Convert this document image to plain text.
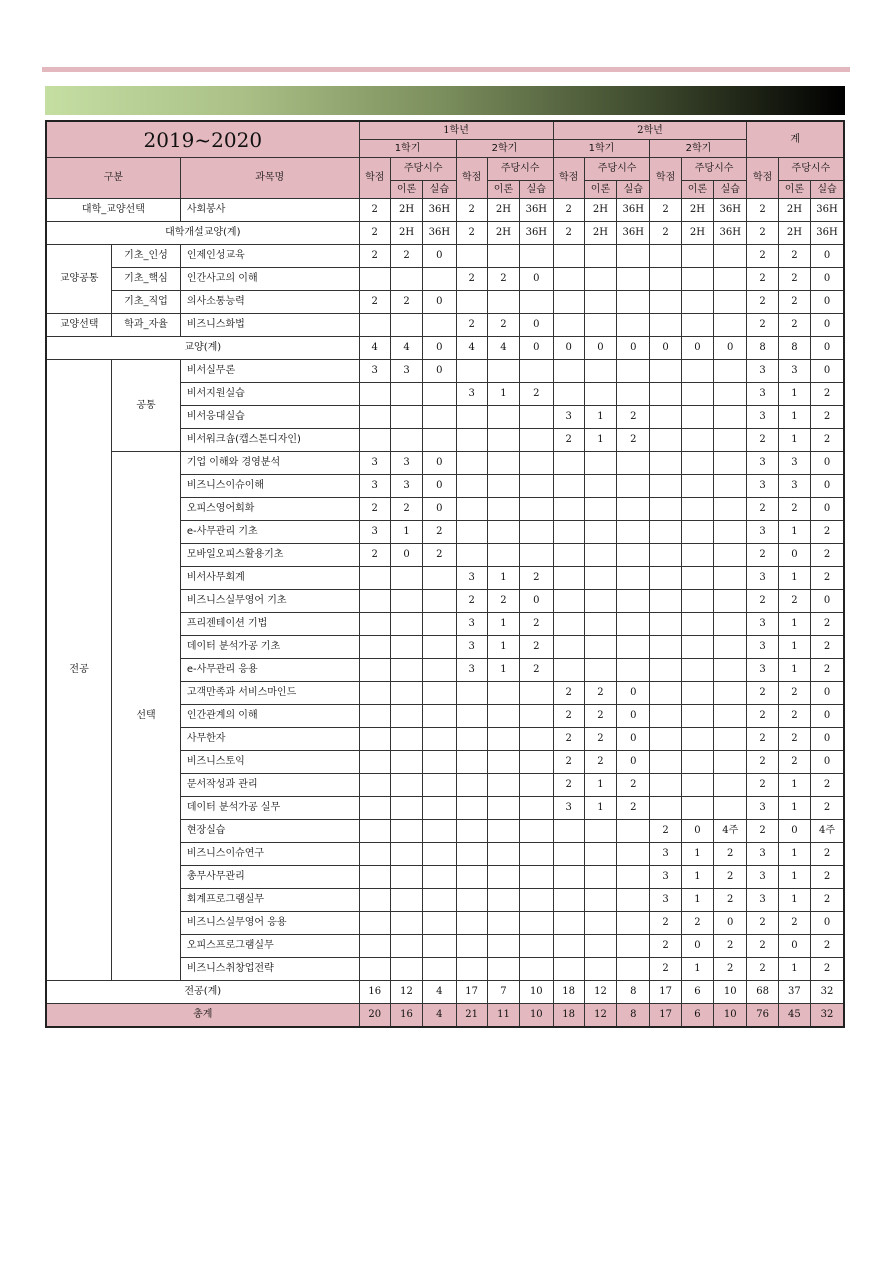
2019~2020			1학년						2학년						계		
			1학기			2학기			1학기			2학기					
구분		과목명	학점	주당시수		학점	주당시수		학점	주당시수		학점	주당시수		학점	주당시수	
				이론	실습		이론	실습		이론	실습		이론	실습		이론	실습
대학_교양선택		사회봉사	2	2H	36H	2	2H	36H	2	2H	36H	2	2H	36H	2	2H	36H
대학개설교양(계)			2	2H	36H	2	2H	36H	2	2H	36H	2	2H	36H	2	2H	36H
교양공통	기초_인성	인제인성교육	2	2	0										2	2	0
	기초_핵심	인간사고의 이해				2	2	0							2	2	0
	기초_직업	의사소통능력	2	2	0										2	2	0
교양선택	학과_자율	비즈니스화법				2	2	0							2	2	0
교양(계)			4	4	0	4	4	0	0	0	0	0	0	0	8	8	0
전공	공통	비서실무론	3	3	0										3	3	0
		비서지원실습				3	1	2							3	1	2
		비서응대실습							3	1	2				3	1	2
		비서워크숍(캡스톤디자인)							2	1	2				2	1	2
	선택	기업 이해와 경영분석	3	3	0										3	3	0
		비즈니스이슈이해	3	3	0										3	3	0
		오피스영어회화	2	2	0										2	2	0
		e-사무관리 기초	3	1	2										3	1	2
		모바일오피스활용기초	2	0	2										2	0	2
		비서사무회계				3	1	2							3	1	2
		비즈니스실무영어 기초				2	2	0							2	2	0
		프리젠테이션 기법				3	1	2							3	1	2
		데이터 분석가공 기초				3	1	2							3	1	2
		e-사무관리 응용				3	1	2							3	1	2
		고객만족과 서비스마인드							2	2	0				2	2	0
		인간관계의 이해							2	2	0				2	2	0
		사무한자							2	2	0				2	2	0
		비즈니스토익							2	2	0				2	2	0
		문서작성과 관리							2	1	2				2	1	2
		데이터 분석가공 실무							3	1	2				3	1	2
		현장실습										2	0	4주	2	0	4주
		비즈니스이슈연구										3	1	2	3	1	2
		총무사무관리										3	1	2	3	1	2
		회계프로그램실무										3	1	2	3	1	2
		비즈니스실무영어 응용										2	2	0	2	2	0
		오피스프로그램실무										2	0	2	2	0	2
		비즈니스취창업전략										2	1	2	2	1	2
전공(계)			16	12	4	17	7	10	18	12	8	17	6	10	68	37	32
총계			20	16	4	21	11	10	18	12	8	17	6	10	76	45	32
